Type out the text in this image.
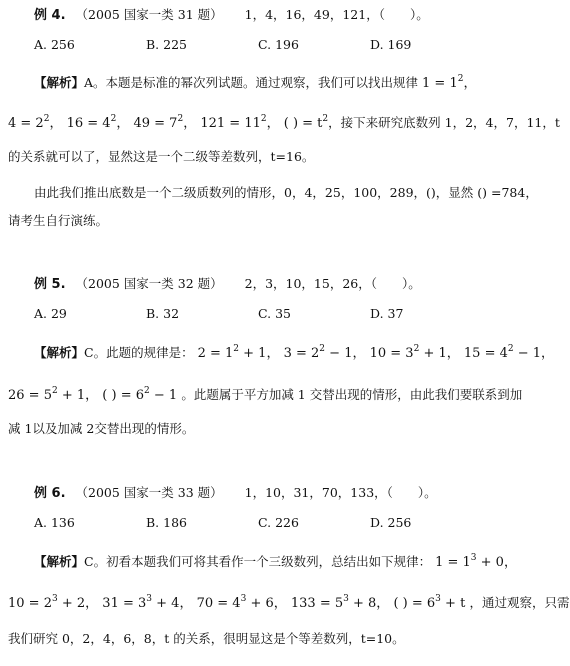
例 4. （2005 国家一类 31 题） 1，4，16，49，121，（　　）。
A. 256	B. 225	C. 196	D. 169
【解析】A。本题是标准的幂次列试题。通过观察，我们可以找出规律 $1 = 1^2$，
$4 = 2^2$， $16 = 4^2$， $49 = 7^2$， $121 = 11^2$， ( ) = $t^2$，接下来研究底数列 1，2，4，7，11，t
的关系就可以了，显然这是一个二级等差数列，t=16。
由此我们推出底数是一个二级质数列的情形，0，4，25，100，289，()，显然 () =784，
请考生自行演练。
例 5. （2005 国家一类 32 题） 2，3，10，15，26，（　　）。
A. 29	B. 32	C. 35	D. 37
【解析】C。此题的规律是： $2 = 1^2 + 1$， $3 = 2^2 - 1$， $10 = 3^2 + 1$， $15 = 4^2 - 1$，
$26 = 5^2 + 1$， ( ) = $6^2 - 1$ 。此题属于平方加减 1 交替出现的情形，由此我们要联系到加
减 1以及加减 2交替出现的情形。
例 6. （2005 国家一类 33 题） 1，10，31，70，133，（　　）。
A. 136	B. 186	C. 226	D. 256
【解析】C。初看本题我们可将其看作一个三级数列，总结出如下规律： $1 = 1^3 + 0$，
$10 = 2^3 + 2$， $31 = 3^3 + 4$， $70 = 4^3 + 6$， $133 = 5^3 + 8$， ( ) = $6^3 + t$ ，通过观察，只需
我们研究 0，2，4，6，8，t 的关系，很明显这是个等差数列，t=10。
